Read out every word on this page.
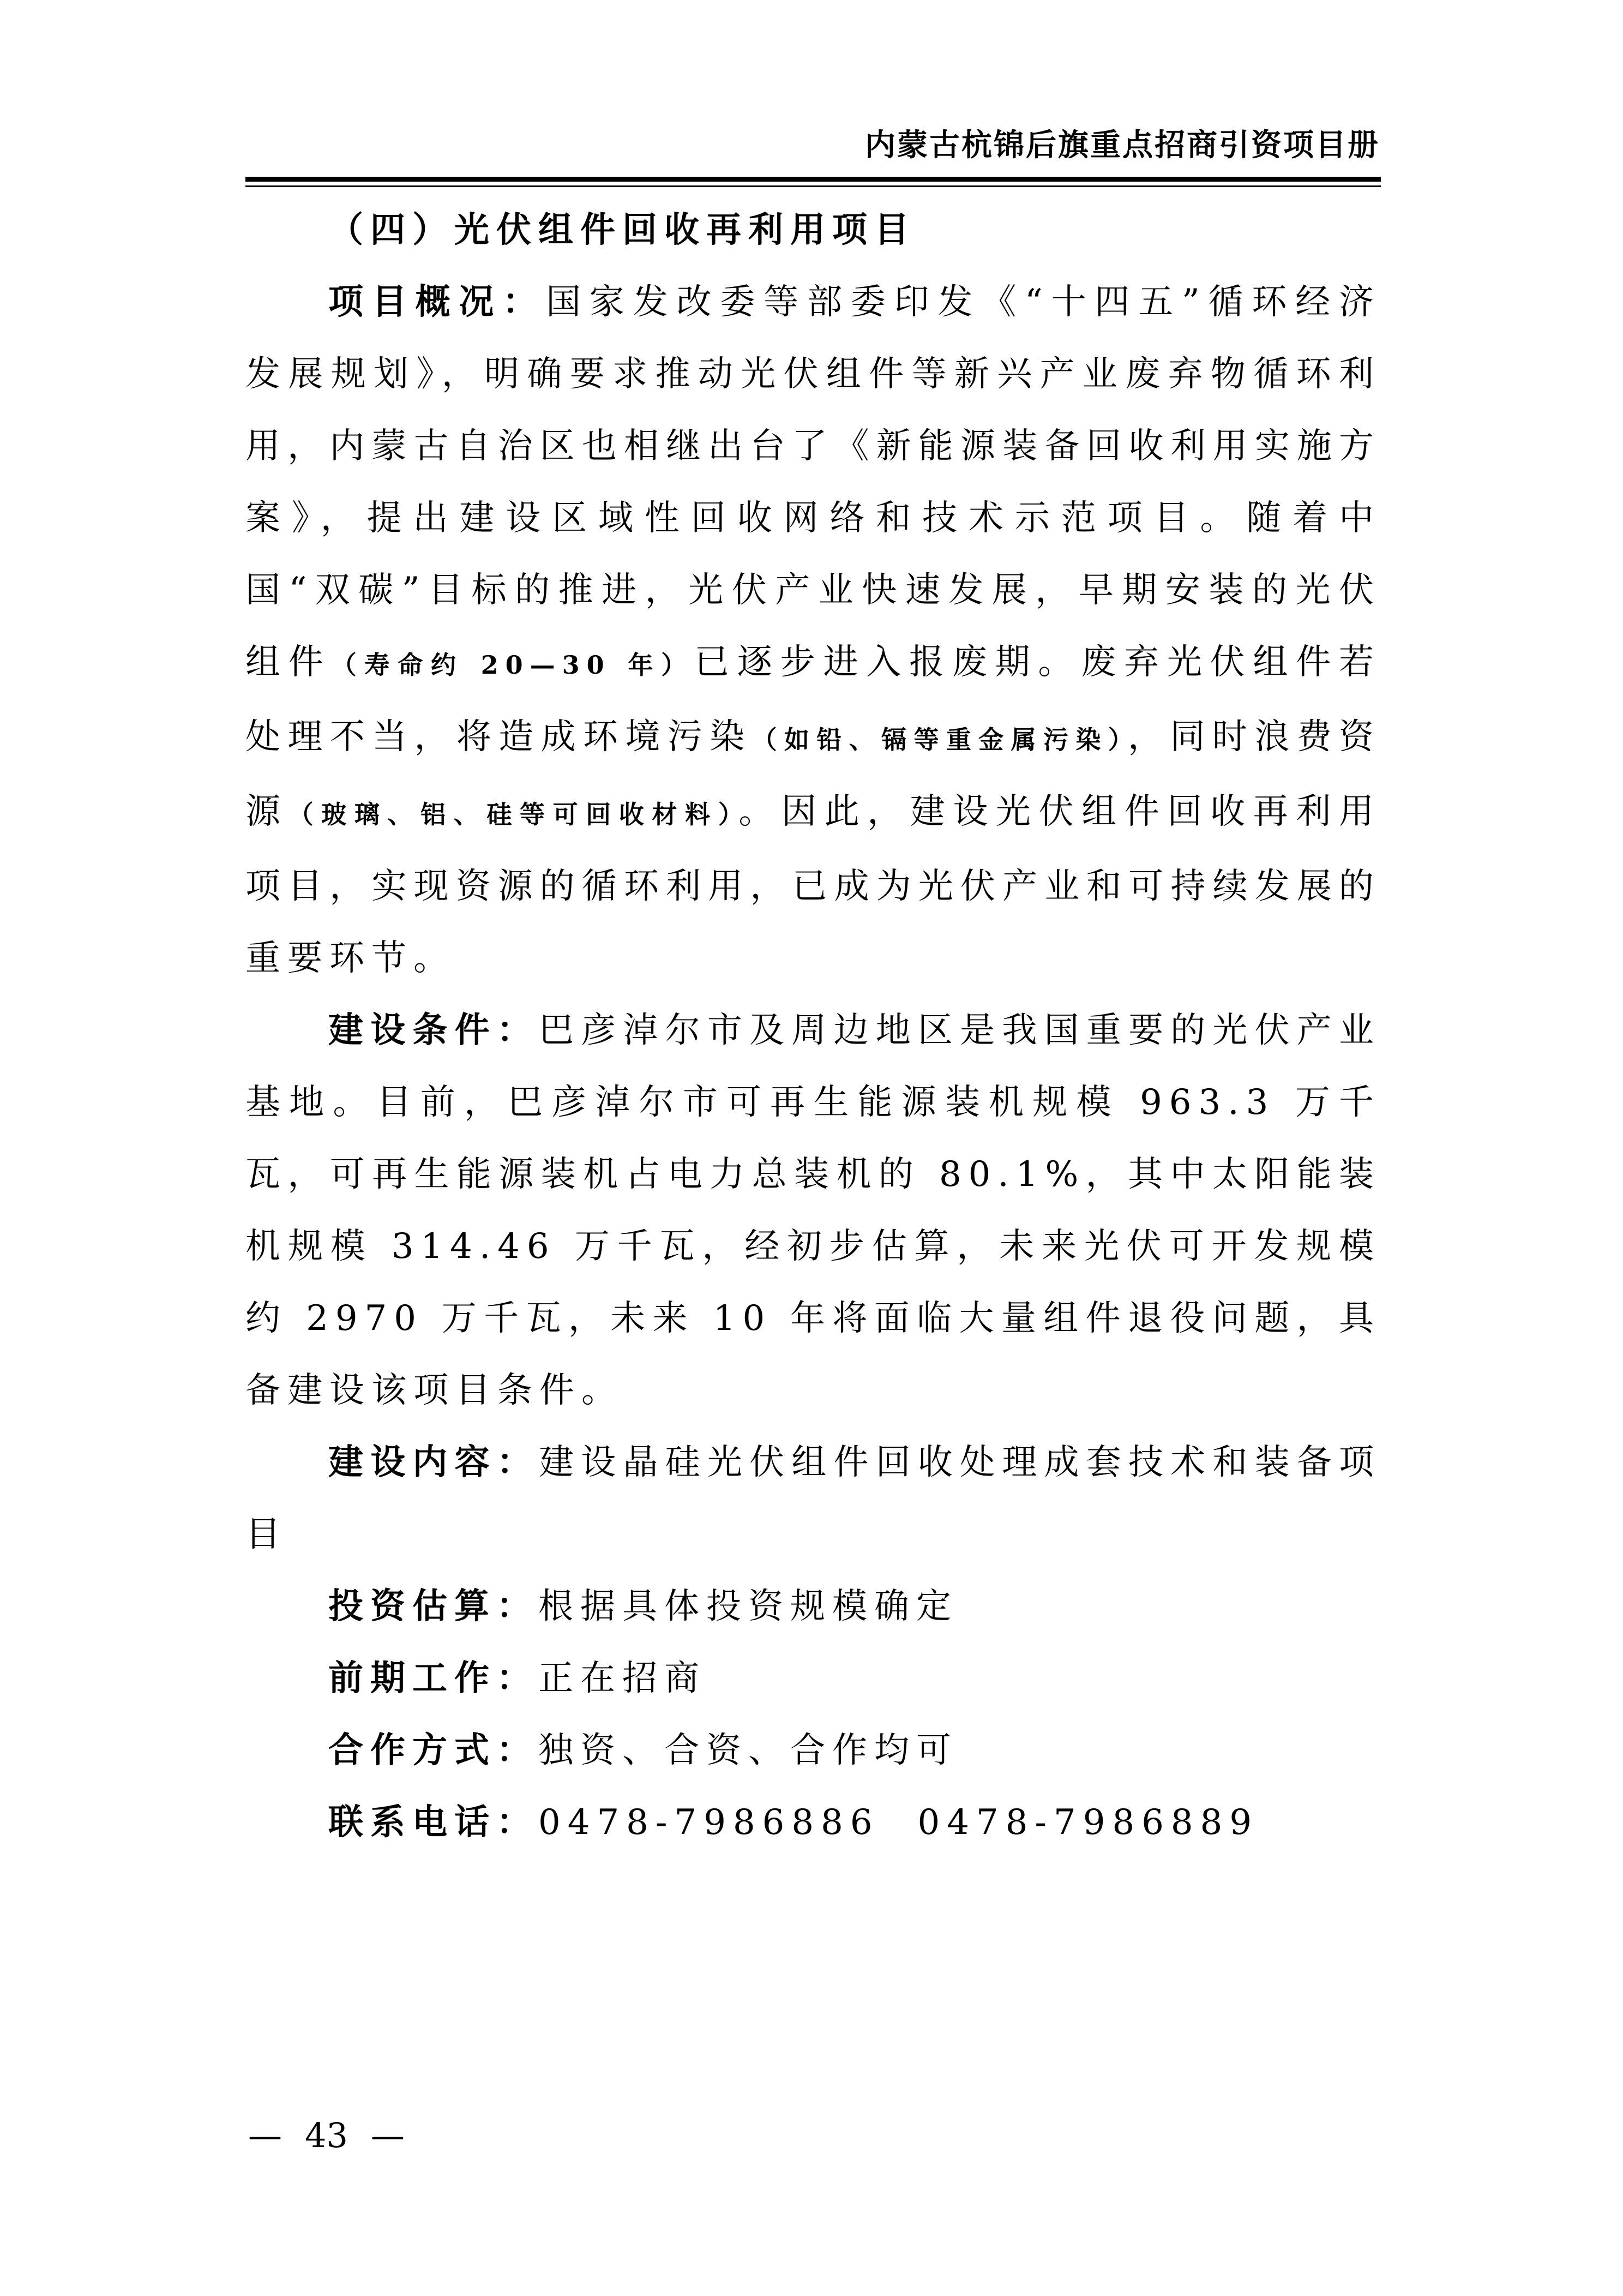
内蒙古杭锦后旗重点招商引资项目册

（四）光伏组件回收再利用项目

项目概况：国家发改委等部委印发《“十四五”循环经济发展规划》，明确要求推动光伏组件等新兴产业废弃物循环利用，内蒙古自治区也相继出台了《新能源装备回收利用实施方案》，提出建设区域性回收网络和技术示范项目。随着中国“双碳”目标的推进，光伏产业快速发展，早期安装的光伏组件（寿命约 20—30 年）已逐步进入报废期。废弃光伏组件若处理不当，将造成环境污染（如铅、镉等重金属污染），同时浪费资源（玻璃、铝、硅等可回收材料）。因此，建设光伏组件回收再利用项目，实现资源的循环利用，已成为光伏产业和可持续发展的重要环节。

建设条件：巴彦淖尔市及周边地区是我国重要的光伏产业基地。目前，巴彦淖尔市可再生能源装机规模 963.3 万千瓦，可再生能源装机占电力总装机的 80.1%，其中太阳能装机规模 314.46 万千瓦，经初步估算，未来光伏可开发规模约 2970 万千瓦，未来 10 年将面临大量组件退役问题，具备建设该项目条件。

建设内容：建设晶硅光伏组件回收处理成套技术和装备项目

投资估算：根据具体投资规模确定

前期工作：正在招商

合作方式：独资、合资、合作均可

联系电话：0478-7986886 0478-7986889

— 43 —
